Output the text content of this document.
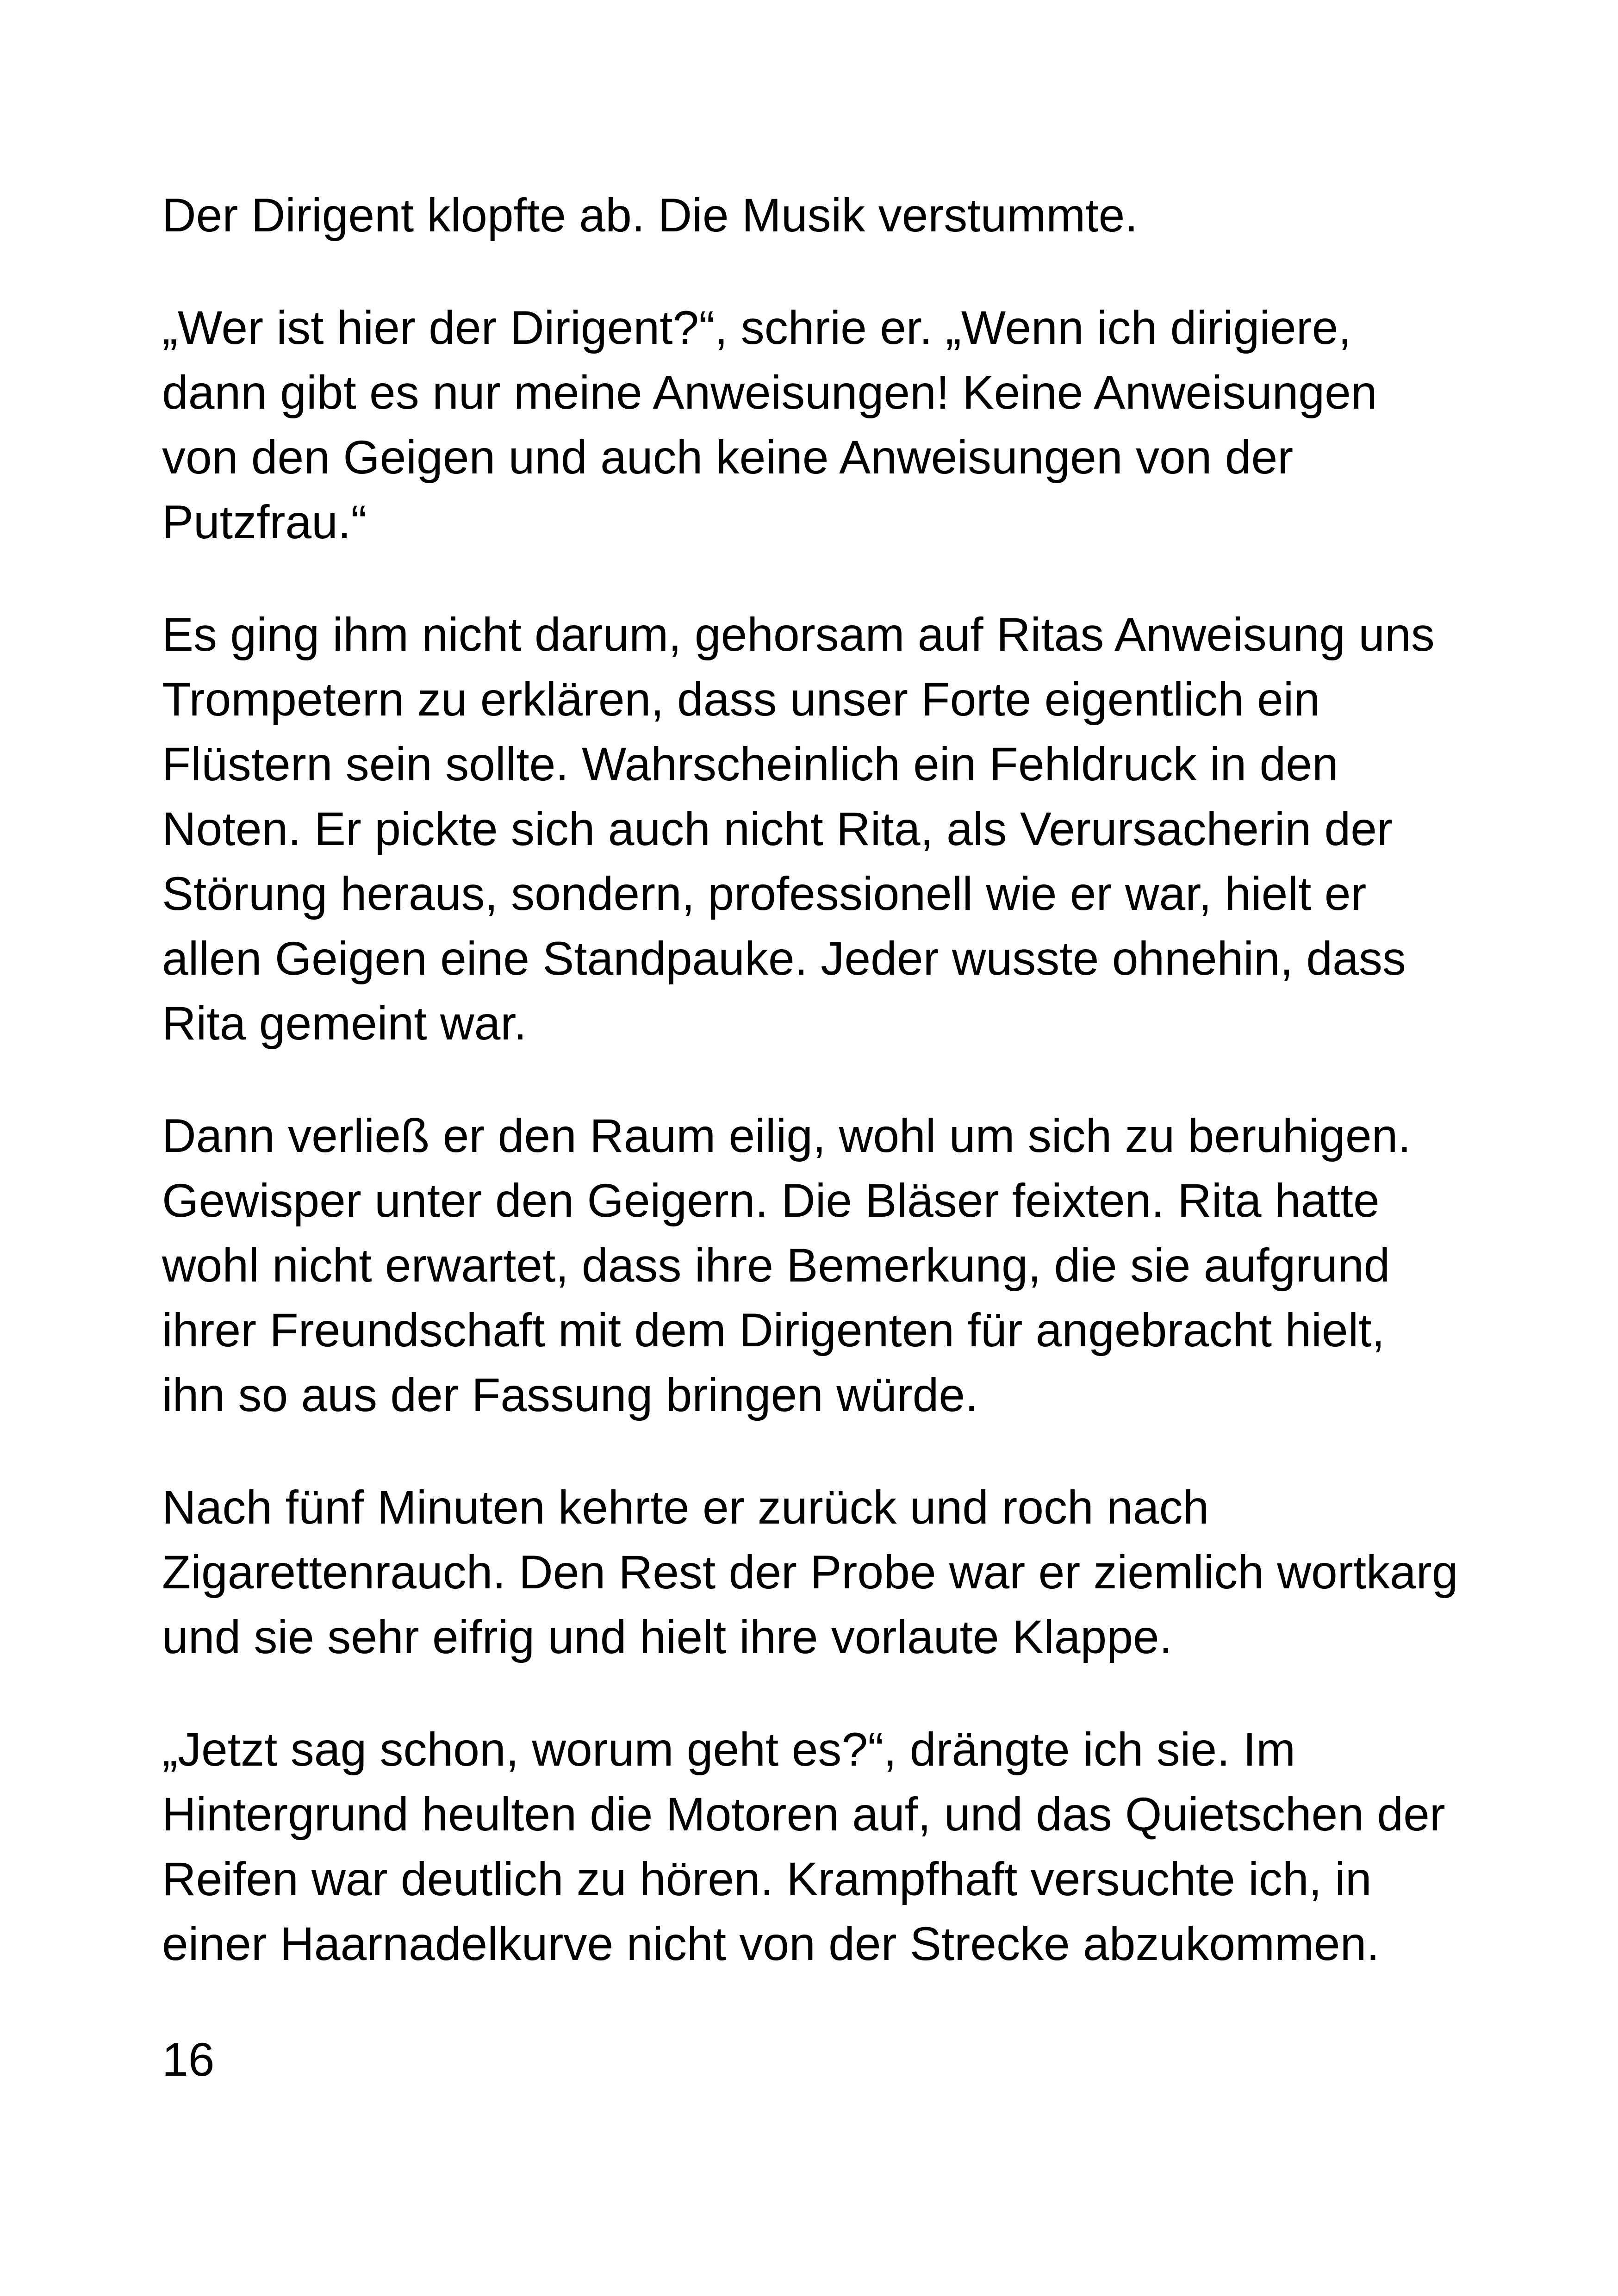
Der Dirigent klopfte ab. Die Musik verstummte.

„Wer ist hier der Dirigent?“, schrie er. „Wenn ich dirigiere,
dann gibt es nur meine Anweisungen! Keine Anweisungen
von den Geigen und auch keine Anweisungen von der
Putzfrau.“

Es ging ihm nicht darum, gehorsam auf Ritas Anweisung uns
Trompetern zu erklären, dass unser Forte eigentlich ein
Flüstern sein sollte. Wahrscheinlich ein Fehldruck in den
Noten. Er pickte sich auch nicht Rita, als Verursacherin der
Störung heraus, sondern, professionell wie er war, hielt er
allen Geigen eine Standpauke. Jeder wusste ohnehin, dass
Rita gemeint war.

Dann verließ er den Raum eilig, wohl um sich zu beruhigen.
Gewisper unter den Geigern. Die Bläser feixten. Rita hatte
wohl nicht erwartet, dass ihre Bemerkung, die sie aufgrund
ihrer Freundschaft mit dem Dirigenten für angebracht hielt,
ihn so aus der Fassung bringen würde.

Nach fünf Minuten kehrte er zurück und roch nach
Zigarettenrauch. Den Rest der Probe war er ziemlich wortkarg
und sie sehr eifrig und hielt ihre vorlaute Klappe.

„Jetzt sag schon, worum geht es?“, drängte ich sie. Im
Hintergrund heulten die Motoren auf, und das Quietschen der
Reifen war deutlich zu hören. Krampfhaft versuchte ich, in
einer Haarnadelkurve nicht von der Strecke abzukommen.

16
